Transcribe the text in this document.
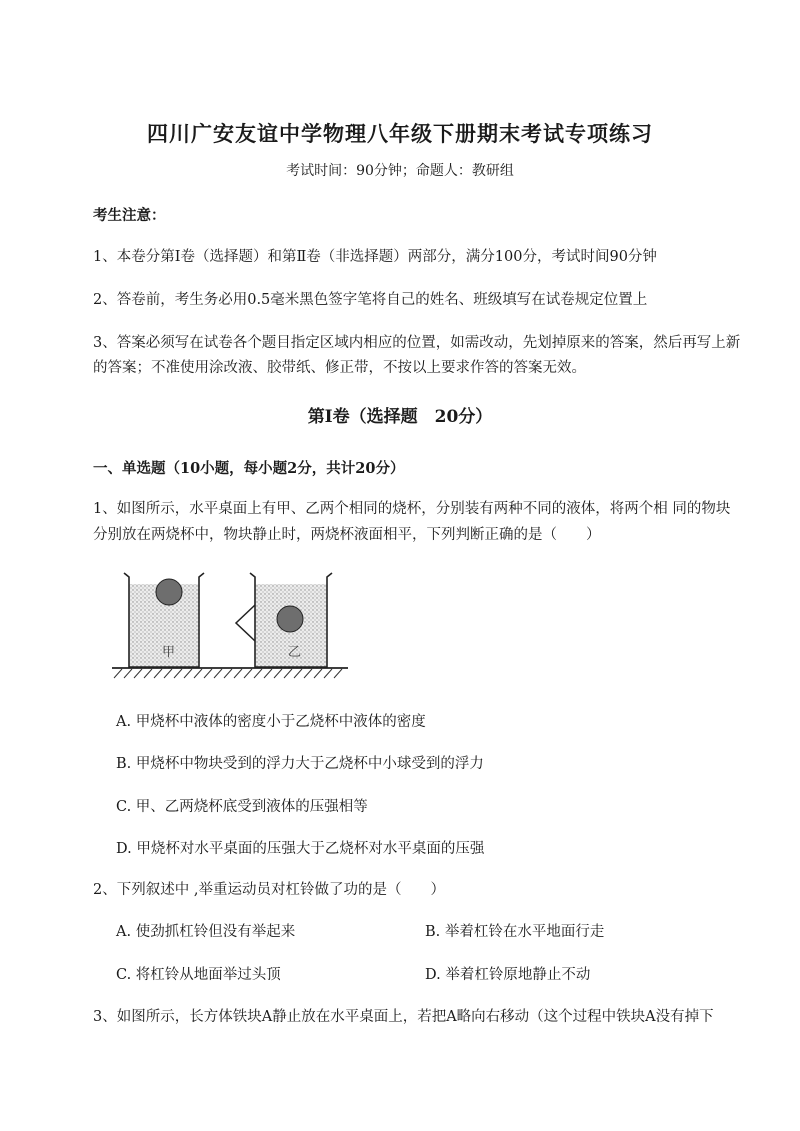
四川广安友谊中学物理八年级下册期末考试专项练习
考试时间：90分钟；命题人：教研组
考生注意：
1、本卷分第I卷（选择题）和第Ⅱ卷（非选择题）两部分，满分100分，考试时间90分钟
2、答卷前，考生务必用0.5毫米黑色签字笔将自己的姓名、班级填写在试卷规定位置上
3、答案必须写在试卷各个题目指定区域内相应的位置，如需改动，先划掉原来的答案，然后再写上新
的答案；不准使用涂改液、胶带纸、修正带，不按以上要求作答的答案无效。
第I卷（选择题　20分）
一、单选题（10小题，每小题2分，共计20分）
1、如图所示，水平桌面上有甲、乙两个相同的烧杯，分别装有两种不同的液体，将两个相 同的物块
分别放在两烧杯中，物块静止时，两烧杯液面相平，下列判断正确的是（　　）
甲	乙
A. 甲烧杯中液体的密度小于乙烧杯中液体的密度
B. 甲烧杯中物块受到的浮力大于乙烧杯中小球受到的浮力
C. 甲、乙两烧杯底受到液体的压强相等
D. 甲烧杯对水平桌面的压强大于乙烧杯对水平桌面的压强
2、下列叙述中 ,举重运动员对杠铃做了功的是（　　）
A. 使劲抓杠铃但没有举起来	B. 举着杠铃在水平地面行走
C. 将杠铃从地面举过头顶	D. 举着杠铃原地静止不动
3、如图所示，长方体铁块A静止放在水平桌面上，若把A略向右移动（这个过程中铁块A没有掉下
